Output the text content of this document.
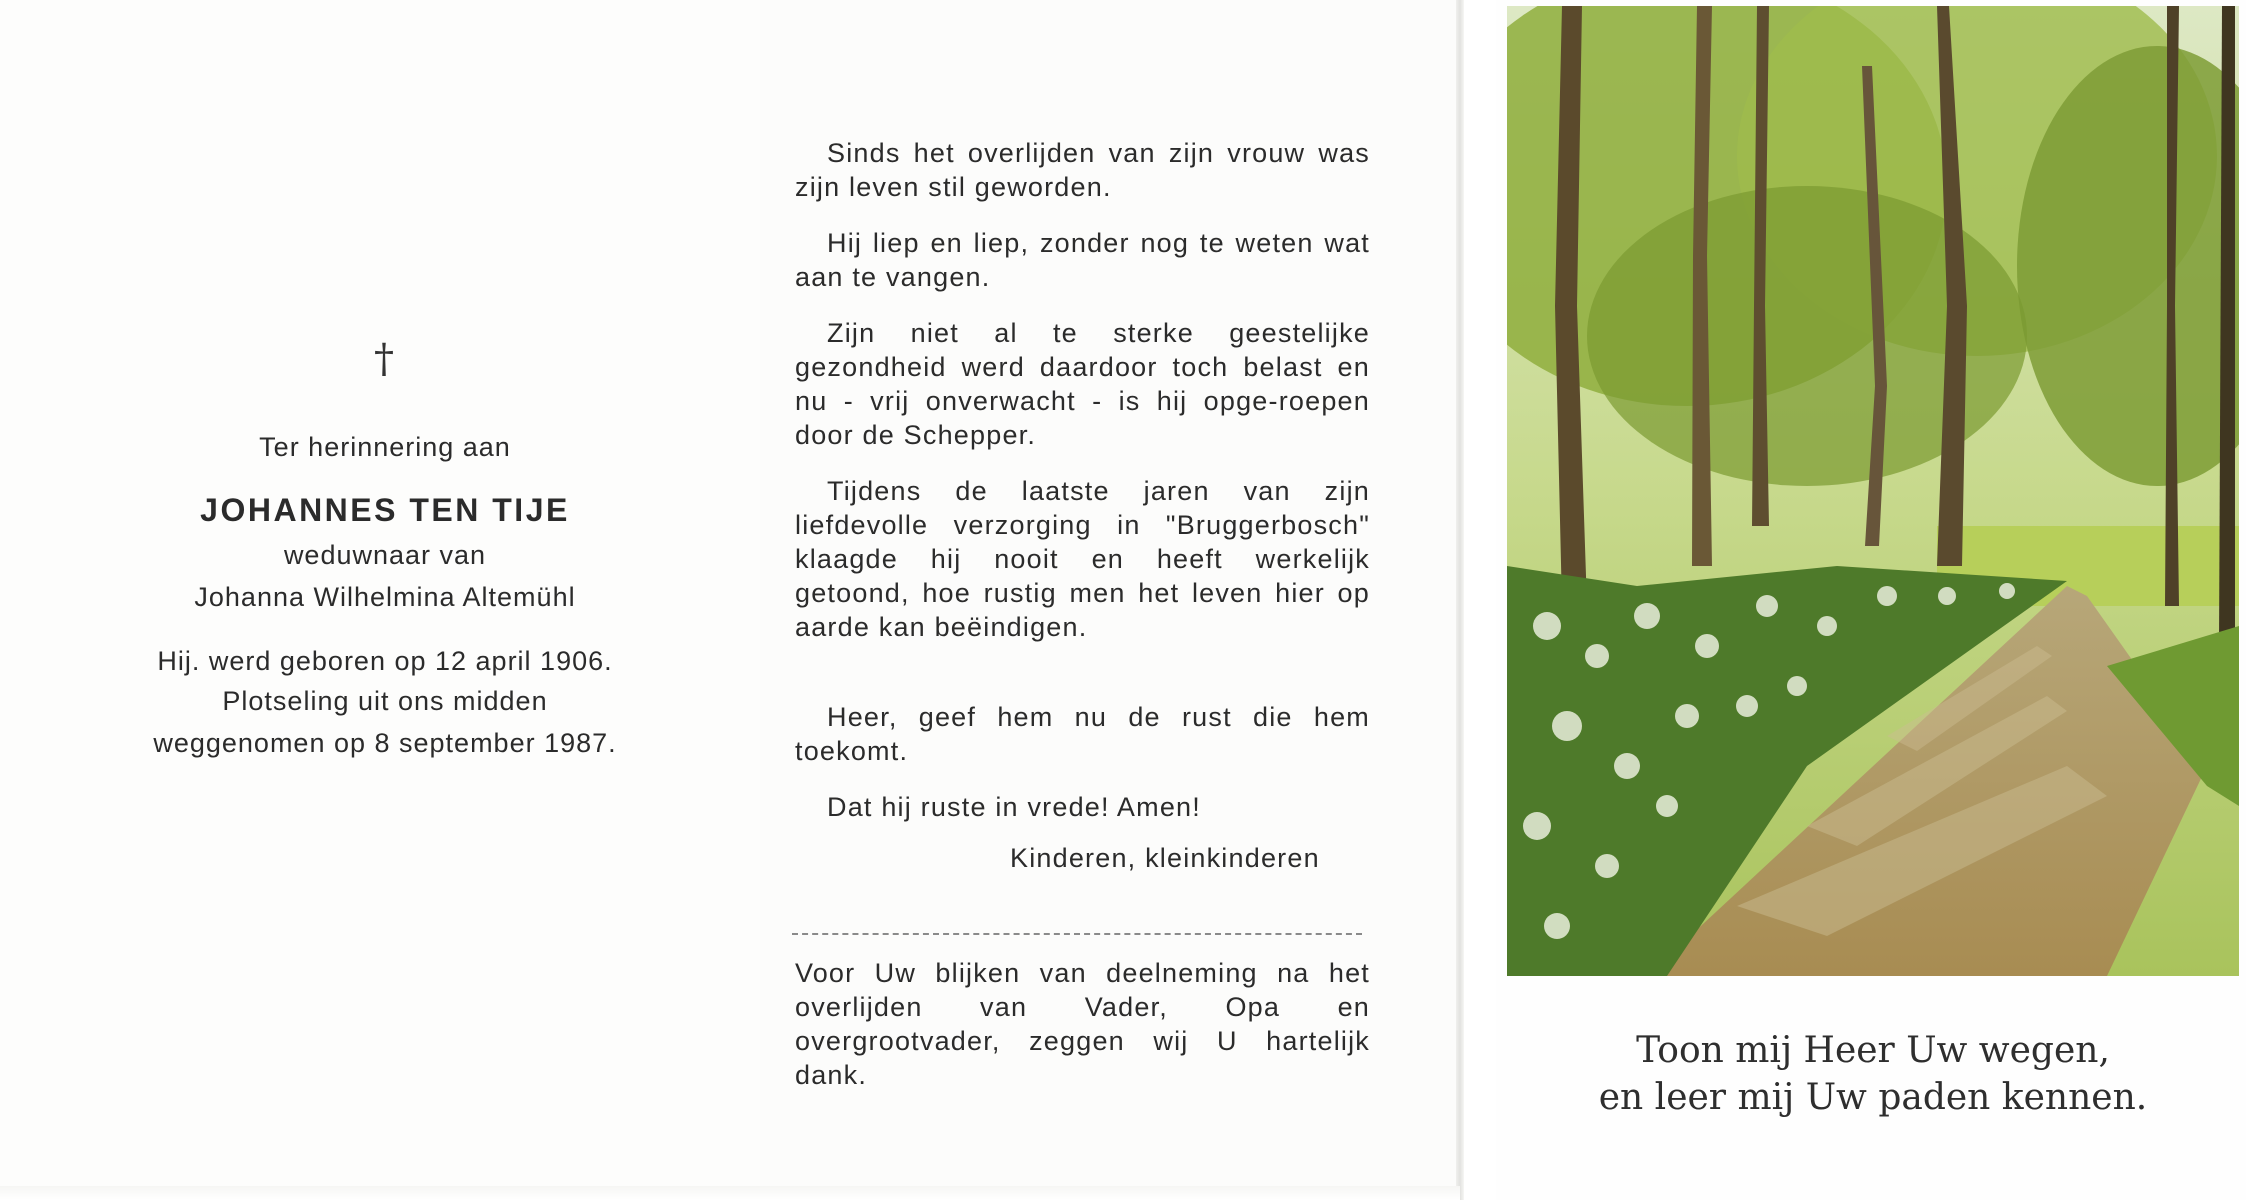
†
Ter herinnering aan
JOHANNES TEN TIJE
weduwnaar van
Johanna Wilhelmina Altemühl
Hij. werd geboren op 12 april 1906.
Plotseling uit ons midden
weggenomen op 8 september 1987.

Sinds het overlijden van zijn vrouw was zijn leven stil geworden.

Hij liep en liep, zonder nog te weten wat aan te vangen.

Zijn niet al te sterke geestelijke gezondheid werd daardoor toch belast en nu - vrij onverwacht - is hij opge-roepen door de Schepper.

Tijdens de laatste jaren van zijn liefdevolle verzorging in "Bruggerbosch" klaagde hij nooit en heeft werkelijk getoond, hoe rustig men het leven hier op aarde kan beëindigen.

Heer, geef hem nu de rust die hem toekomt.

Dat hij ruste in vrede! Amen!

Kinderen, kleinkinderen

Voor Uw blijken van deelneming na het overlijden van Vader, Opa en overgrootvader, zeggen wij U hartelijk dank.

Toon mij Heer Uw wegen,
en leer mij Uw paden kennen.
